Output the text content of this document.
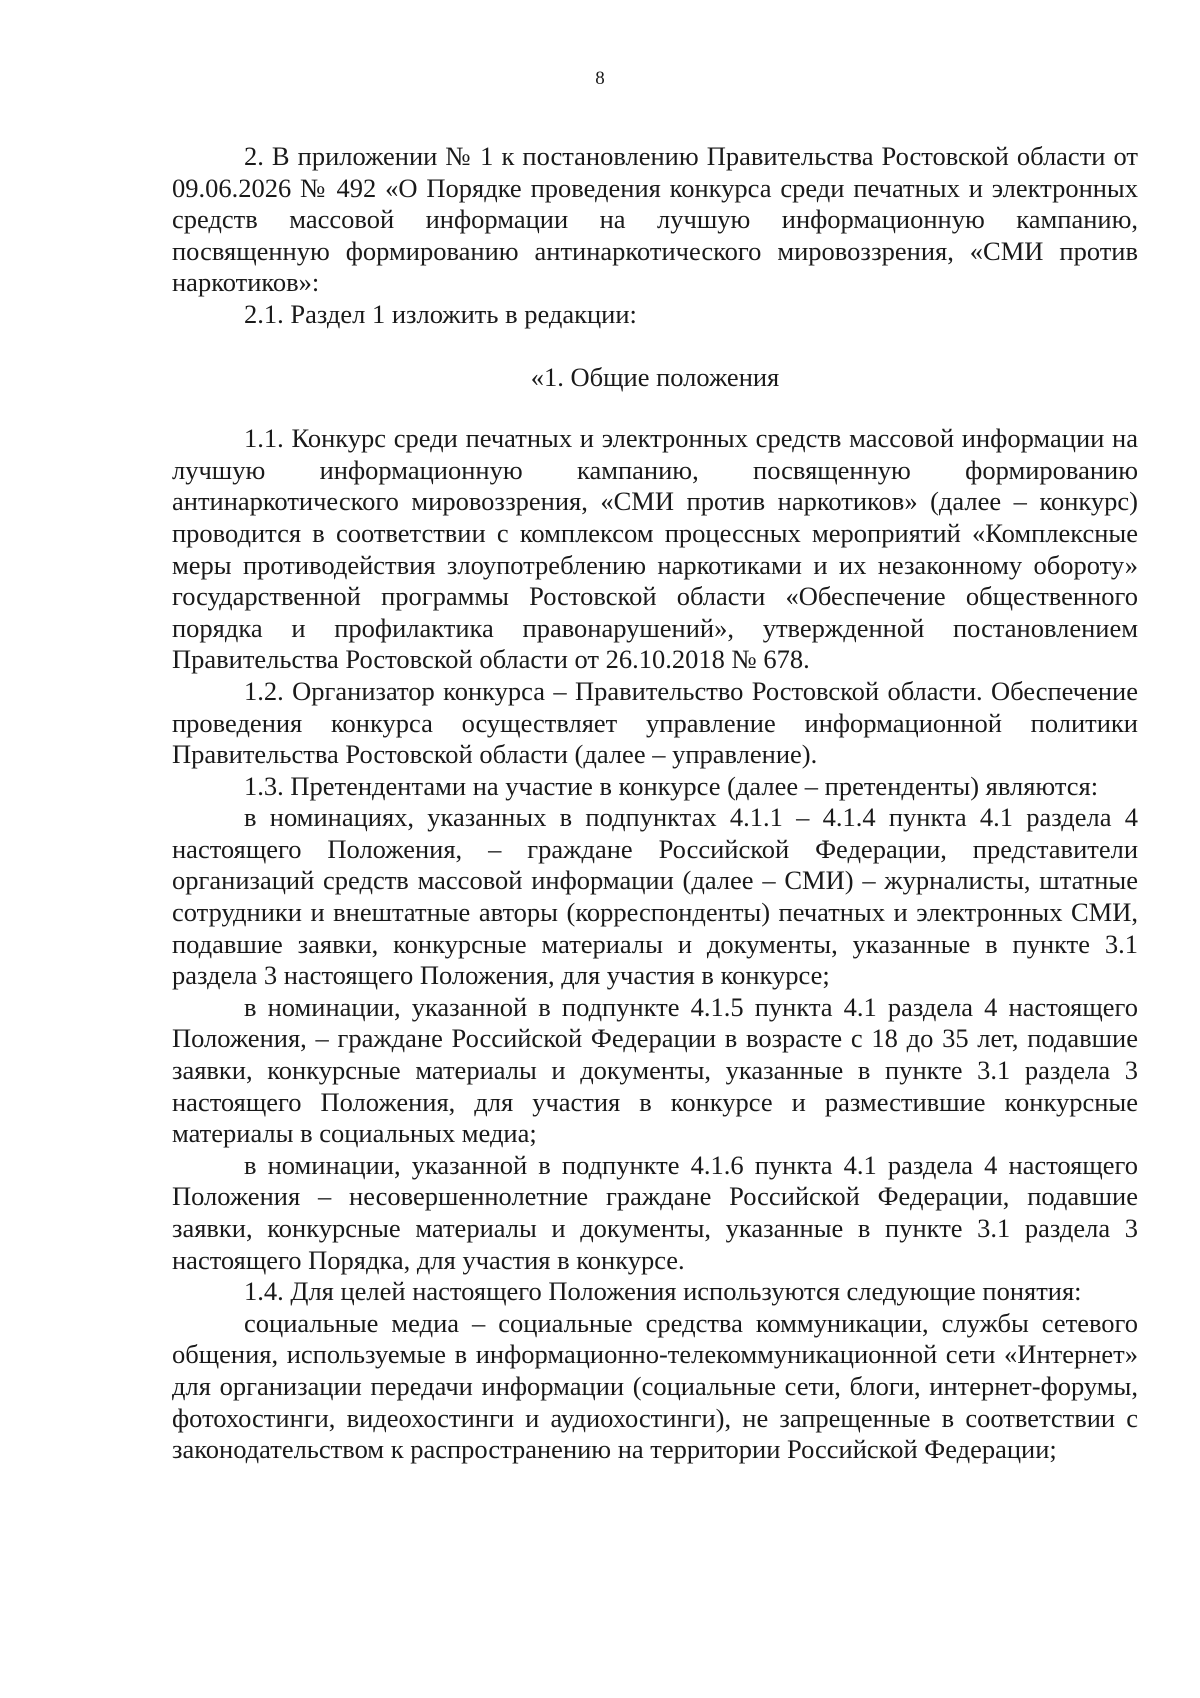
8

2. В приложении № 1 к постановлению Правительства Ростовской области от 09.06.2026 № 492 «О Порядке проведения конкурса среди печатных и электронных средств массовой информации на лучшую информационную кампанию, посвященную формированию антинаркотического мировоззрения, «СМИ против наркотиков»:

2.1. Раздел 1 изложить в редакции:

«1. Общие положения

1.1. Конкурс среди печатных и электронных средств массовой информации на лучшую информационную кампанию, посвященную формированию антинаркотического мировоззрения, «СМИ против наркотиков» (далее – конкурс) проводится в соответствии с комплексом процессных мероприятий «Комплексные меры противодействия злоупотреблению наркотиками и их незаконному обороту» государственной программы Ростовской области «Обеспечение общественного порядка и профилактика правонарушений», утвержденной постановлением Правительства Ростовской области от 26.10.2018 № 678.

1.2. Организатор конкурса – Правительство Ростовской области. Обеспечение проведения конкурса осуществляет управление информационной политики Правительства Ростовской области (далее – управление).

1.3. Претендентами на участие в конкурсе (далее – претенденты) являются:

в номинациях, указанных в подпунктах 4.1.1 – 4.1.4 пункта 4.1 раздела 4 настоящего Положения, – граждане Российской Федерации, представители организаций средств массовой информации (далее – СМИ) – журналисты, штатные сотрудники и внештатные авторы (корреспонденты) печатных и электронных СМИ, подавшие заявки, конкурсные материалы и документы, указанные в пункте 3.1 раздела 3 настоящего Положения, для участия в конкурсе;

в номинации, указанной в подпункте 4.1.5 пункта 4.1 раздела 4 настоящего Положения, – граждане Российской Федерации в возрасте с 18 до 35 лет, подавшие заявки, конкурсные материалы и документы, указанные в пункте 3.1 раздела 3 настоящего Положения, для участия в конкурсе и разместившие конкурсные материалы в социальных медиа;

в номинации, указанной в подпункте 4.1.6 пункта 4.1 раздела 4 настоящего Положения – несовершеннолетние граждане Российской Федерации, подавшие заявки, конкурсные материалы и документы, указанные в пункте 3.1 раздела 3 настоящего Порядка, для участия в конкурсе.

1.4. Для целей настоящего Положения используются следующие понятия:

социальные медиа – социальные средства коммуникации, службы сетевого общения, используемые в информационно-телекоммуникационной сети «Интернет» для организации передачи информации (социальные сети, блоги, интернет-форумы, фотохостинги, видеохостинги и аудиохостинги), не запрещенные в соответствии с законодательством к распространению на территории Российской Федерации;
